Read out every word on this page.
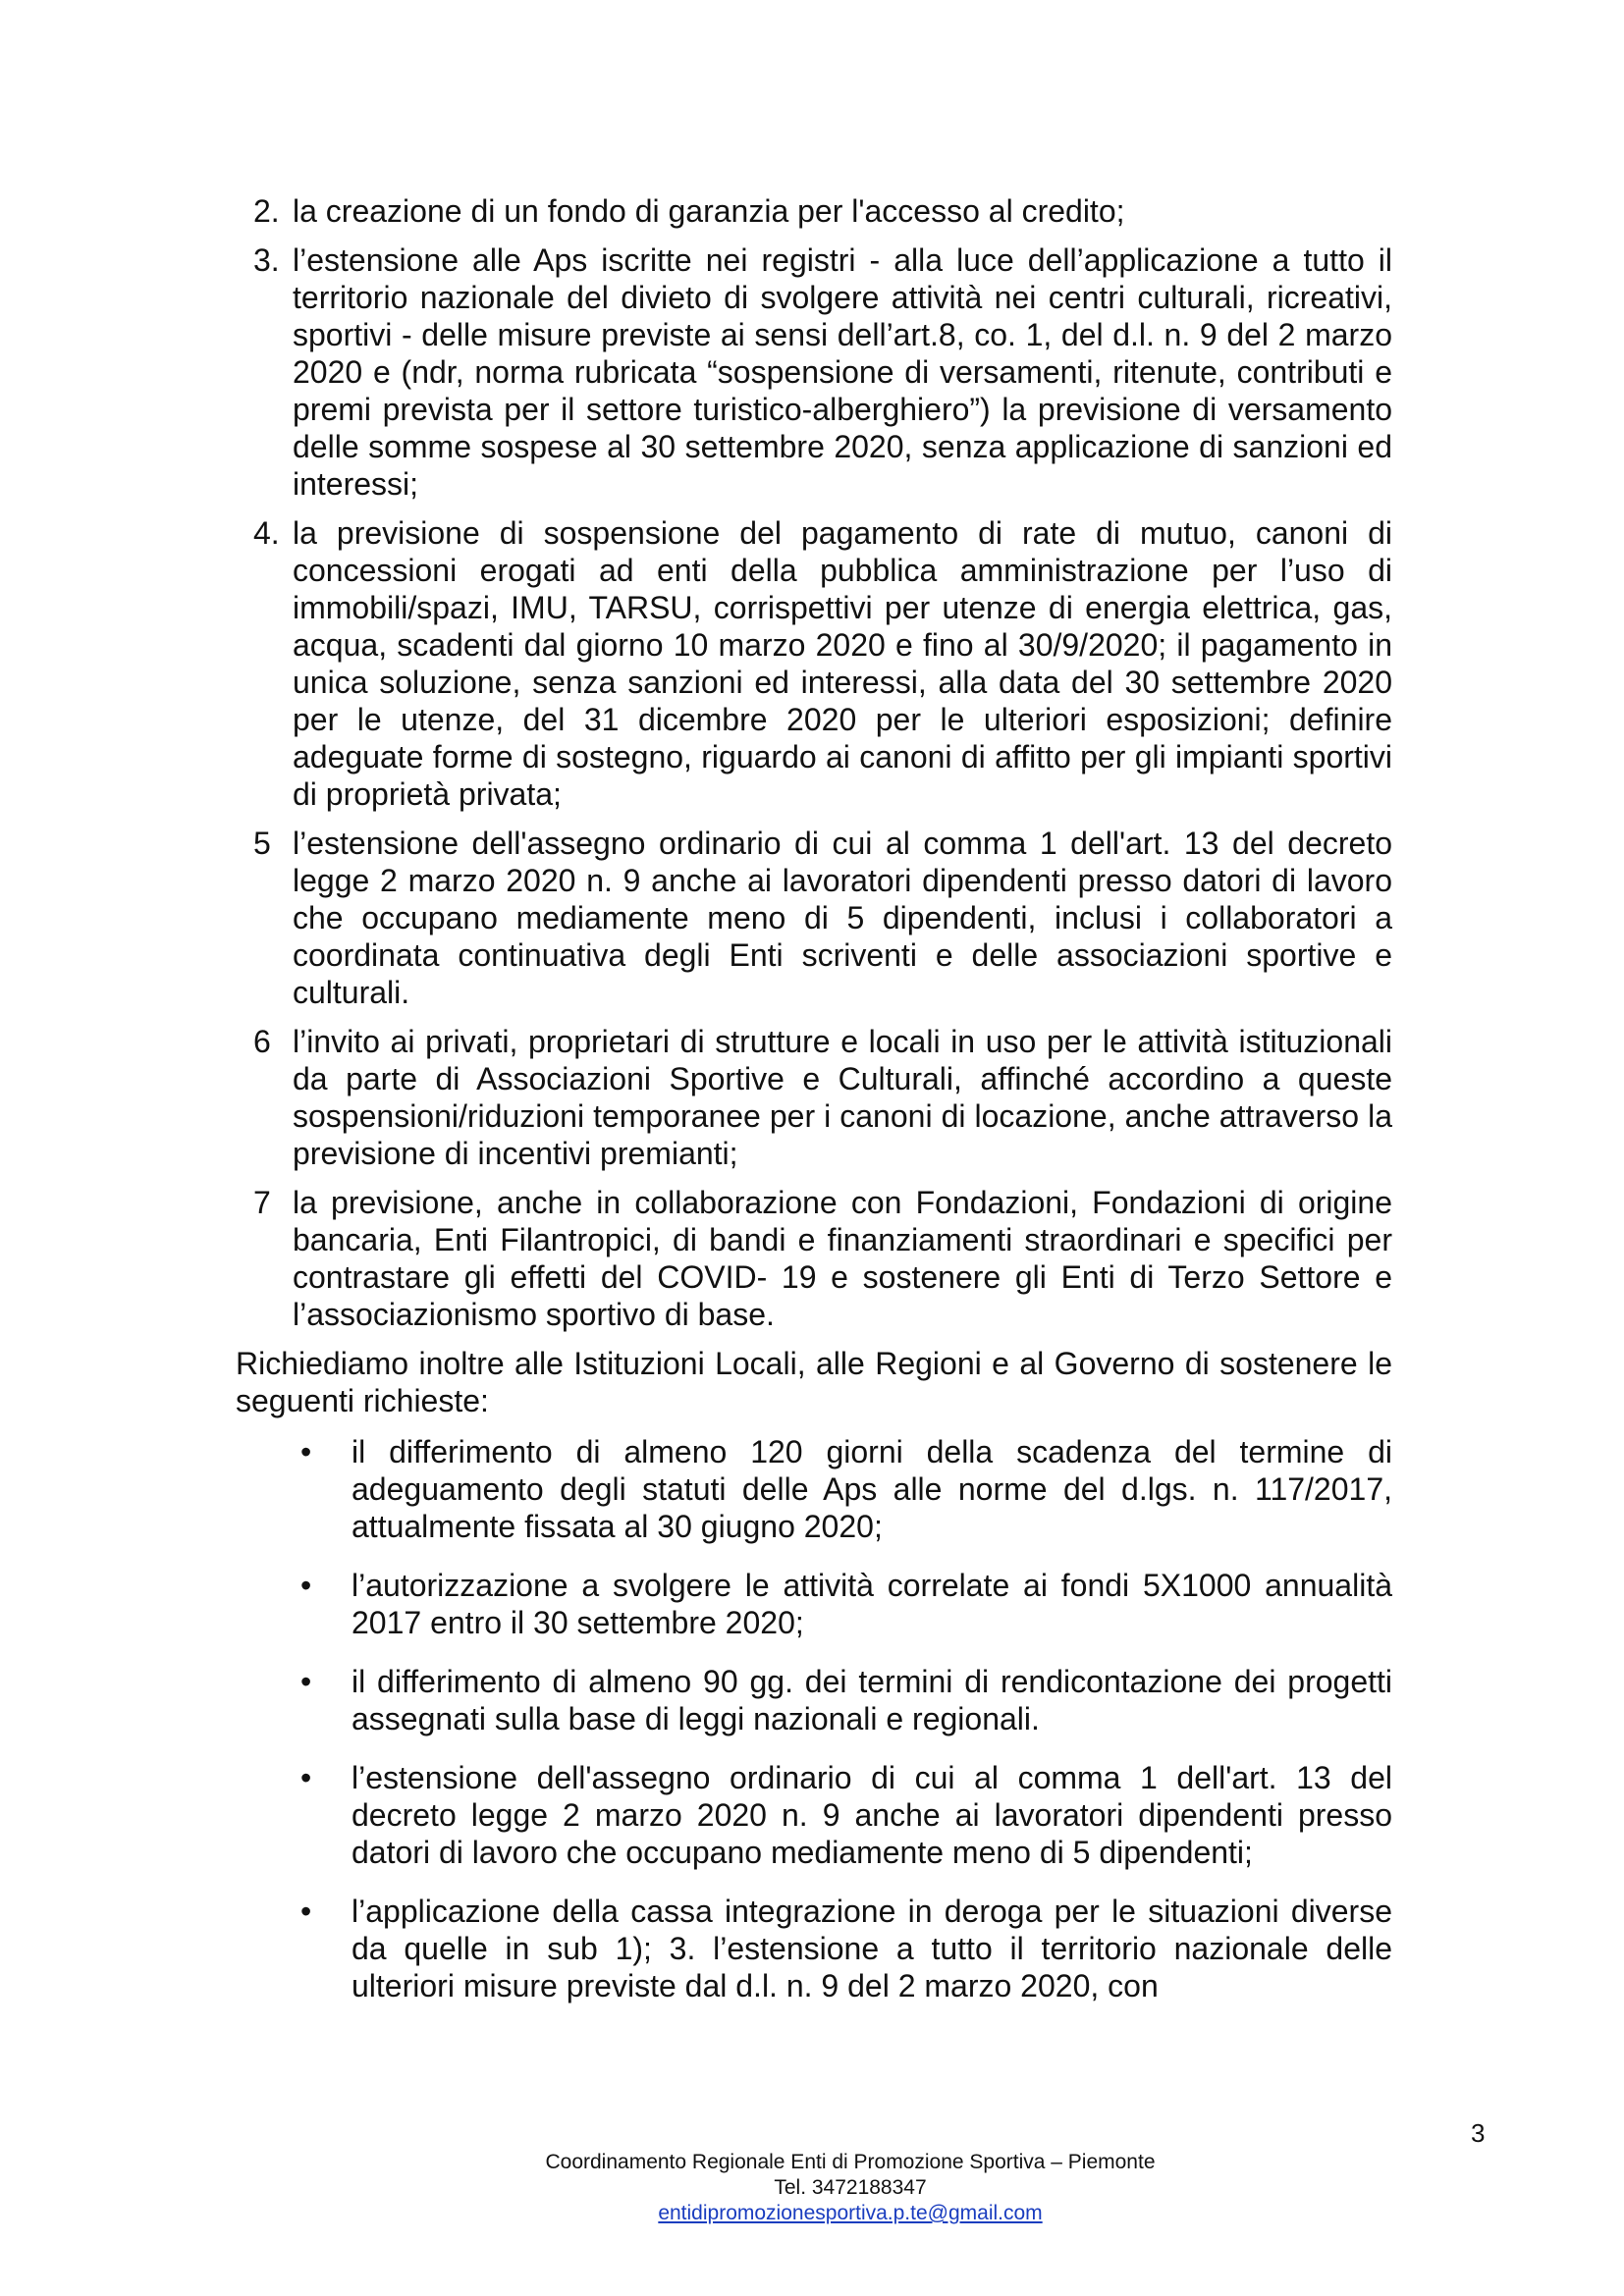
2. la creazione di un fondo di garanzia per l'accesso al credito;
3. l’estensione alle Aps iscritte nei registri - alla luce dell’applicazione a tutto il territorio nazionale del divieto di svolgere attività nei centri culturali, ricreativi, sportivi - delle misure previste ai sensi dell’art.8, co. 1, del d.l. n. 9 del 2 marzo 2020 e (ndr, norma rubricata “sospensione di versamenti, ritenute, contributi e premi prevista per il settore turistico-alberghiero”) la previsione di versamento delle somme sospese al 30 settembre 2020, senza applicazione di sanzioni ed interessi;
4. la previsione di sospensione del pagamento di rate di mutuo, canoni di concessioni erogati ad enti della pubblica amministrazione per l’uso di immobili/spazi, IMU, TARSU, corrispettivi per utenze di energia elettrica, gas, acqua, scadenti dal giorno 10 marzo 2020 e fino al 30/9/2020; il pagamento in unica soluzione, senza sanzioni ed interessi, alla data del 30 settembre 2020 per le utenze, del 31 dicembre 2020 per le ulteriori esposizioni; definire adeguate forme di sostegno, riguardo ai canoni di affitto per gli impianti sportivi di proprietà privata;
5 l’estensione dell'assegno ordinario di cui al comma 1 dell'art. 13 del decreto legge 2 marzo 2020 n. 9 anche ai lavoratori dipendenti presso datori di lavoro che occupano mediamente meno di 5 dipendenti, inclusi i collaboratori a coordinata continuativa degli Enti scriventi e delle associazioni sportive e culturali.
6 l’invito ai privati, proprietari di strutture e locali in uso per le attività istituzionali da parte di Associazioni Sportive e Culturali, affinché accordino a queste sospensioni/riduzioni temporanee per i canoni di locazione, anche attraverso la previsione di incentivi premianti;
7 la previsione, anche in collaborazione con Fondazioni, Fondazioni di origine bancaria, Enti Filantropici, di bandi e finanziamenti straordinari e specifici per contrastare gli effetti del COVID- 19 e sostenere gli Enti di Terzo Settore e l’associazionismo sportivo di base.

Richiediamo inoltre alle Istituzioni Locali, alle Regioni e al Governo di sostenere le seguenti richieste:

• il differimento di almeno 120 giorni della scadenza del termine di adeguamento degli statuti delle Aps alle norme del d.lgs. n. 117/2017, attualmente fissata al 30 giugno 2020;
• l’autorizzazione a svolgere le attività correlate ai fondi 5X1000 annualità 2017 entro il 30 settembre 2020;
• il differimento di almeno 90 gg. dei termini di rendicontazione dei progetti assegnati sulla base di leggi nazionali e regionali.
• l’estensione dell'assegno ordinario di cui al comma 1 dell'art. 13 del decreto legge 2 marzo 2020 n. 9 anche ai lavoratori dipendenti presso datori di lavoro che occupano mediamente meno di 5 dipendenti;
• l’applicazione della cassa integrazione in deroga per le situazioni diverse da quelle in sub 1); 3. l’estensione a tutto il territorio nazionale delle ulteriori misure previste dal d.l. n. 9 del 2 marzo 2020, con
3
Coordinamento Regionale Enti di Promozione Sportiva – Piemonte
Tel. 3472188347
entidipromozionesportiva.p.te@gmail.com
